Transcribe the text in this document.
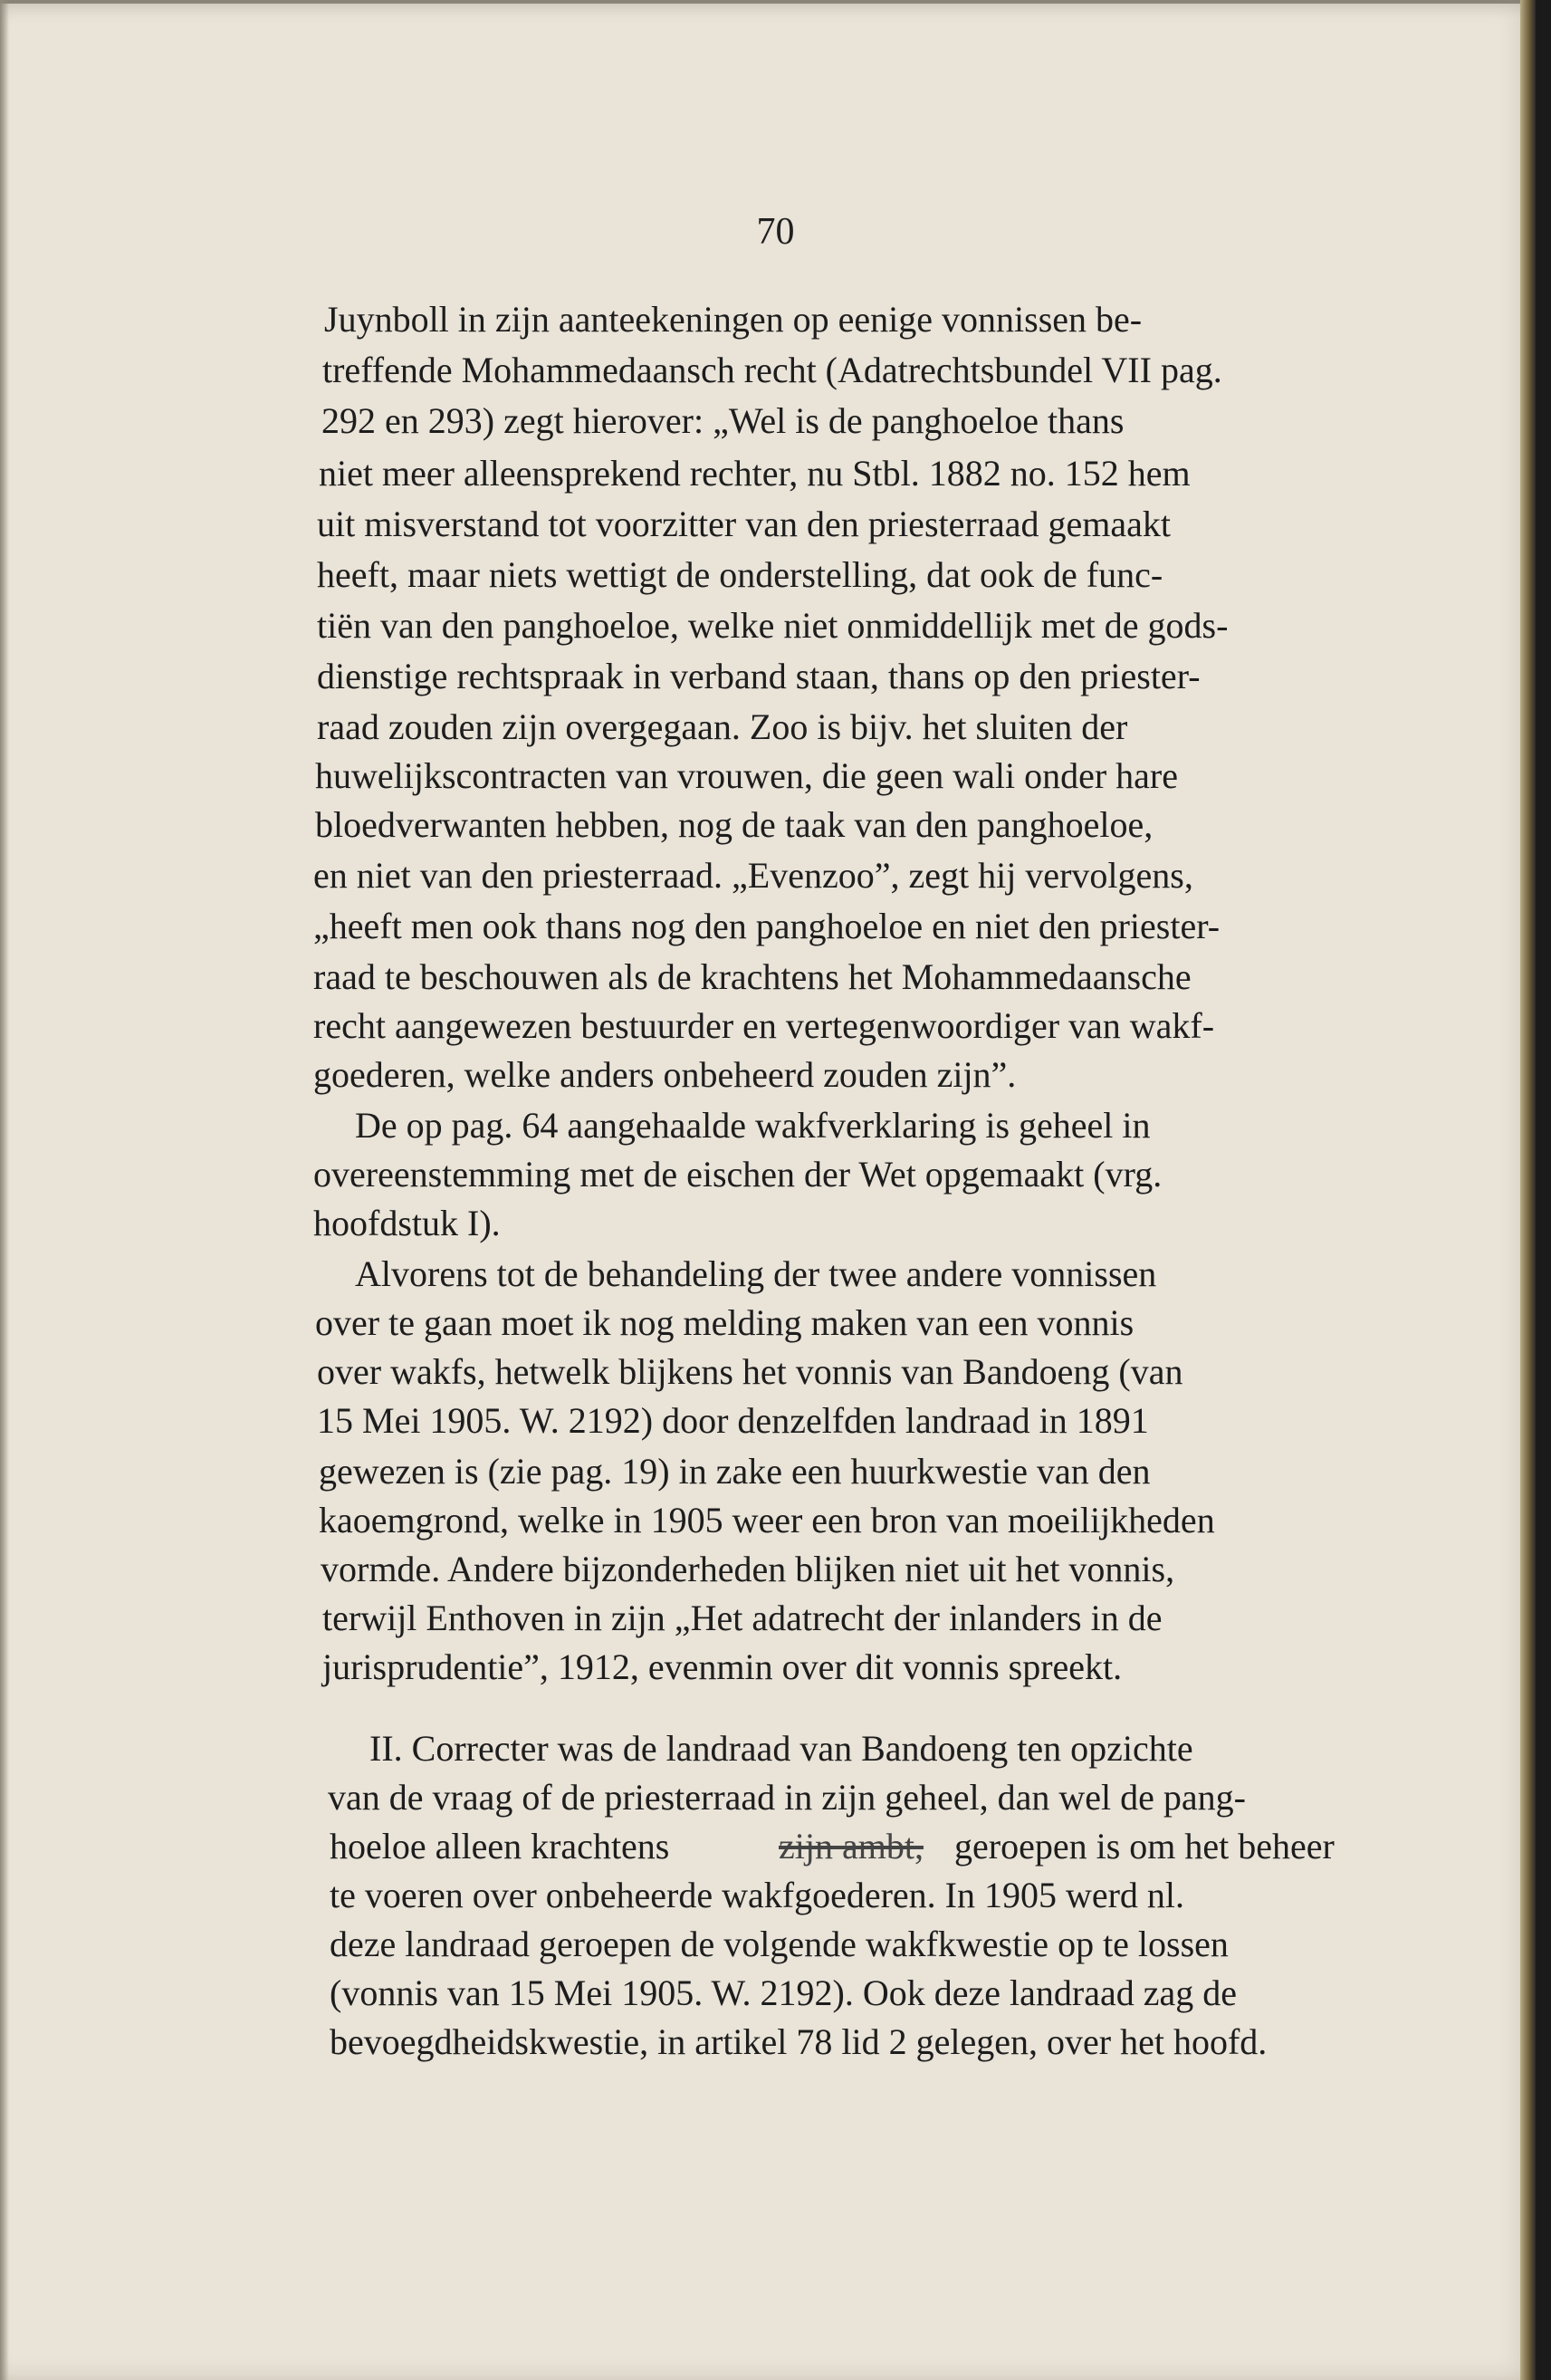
70
Juynboll in zijn aanteekeningen op eenige vonnissen be-
treffende Mohammedaansch recht (Adatrechtsbundel VII pag.
292 en 293) zegt hierover: „Wel is de panghoeloe thans
niet meer alleensprekend rechter, nu Stbl. 1882 no. 152 hem
uit misverstand tot voorzitter van den priesterraad gemaakt
heeft, maar niets wettigt de onderstelling, dat ook de func-
tiën van den panghoeloe, welke niet onmiddellijk met de gods-
dienstige rechtspraak in verband staan, thans op den priester-
raad zouden zijn overgegaan. Zoo is bijv. het sluiten der
huwelijkscontracten van vrouwen, die geen wali onder hare
bloedverwanten hebben, nog de taak van den panghoeloe,
en niet van den priesterraad. „Evenzoo”, zegt hij vervolgens,
„heeft men ook thans nog den panghoeloe en niet den priester-
raad te beschouwen als de krachtens het Mohammedaansche
recht aangewezen bestuurder en vertegenwoordiger van wakf-
goederen, welke anders onbeheerd zouden zijn”.
De op pag. 64 aangehaalde wakfverklaring is geheel in
overeenstemming met de eischen der Wet opgemaakt (vrg.
hoofdstuk I).
Alvorens tot de behandeling der twee andere vonnissen
over te gaan moet ik nog melding maken van een vonnis
over wakfs, hetwelk blijkens het vonnis van Bandoeng (van
15 Mei 1905. W. 2192) door denzelfden landraad in 1891
gewezen is (zie pag. 19) in zake een huurkwestie van den
kaoemgrond, welke in 1905 weer een bron van moeilijkheden
vormde. Andere bijzonderheden blijken niet uit het vonnis,
terwijl Enthoven in zijn „Het adatrecht der inlanders in de
jurisprudentie”, 1912, evenmin over dit vonnis spreekt.
II. Correcter was de landraad van Bandoeng ten opzichte
van de vraag of de priesterraad in zijn geheel, dan wel de pang-
hoeloe alleen krachtens	zijn ambt, geroepen is om het beheer
te voeren over onbeheerde wakfgoederen. In 1905 werd nl.
deze landraad geroepen de volgende wakfkwestie op te lossen
(vonnis van 15 Mei 1905. W. 2192). Ook deze landraad zag de
bevoegdheidskwestie, in artikel 78 lid 2 gelegen, over het hoofd.
